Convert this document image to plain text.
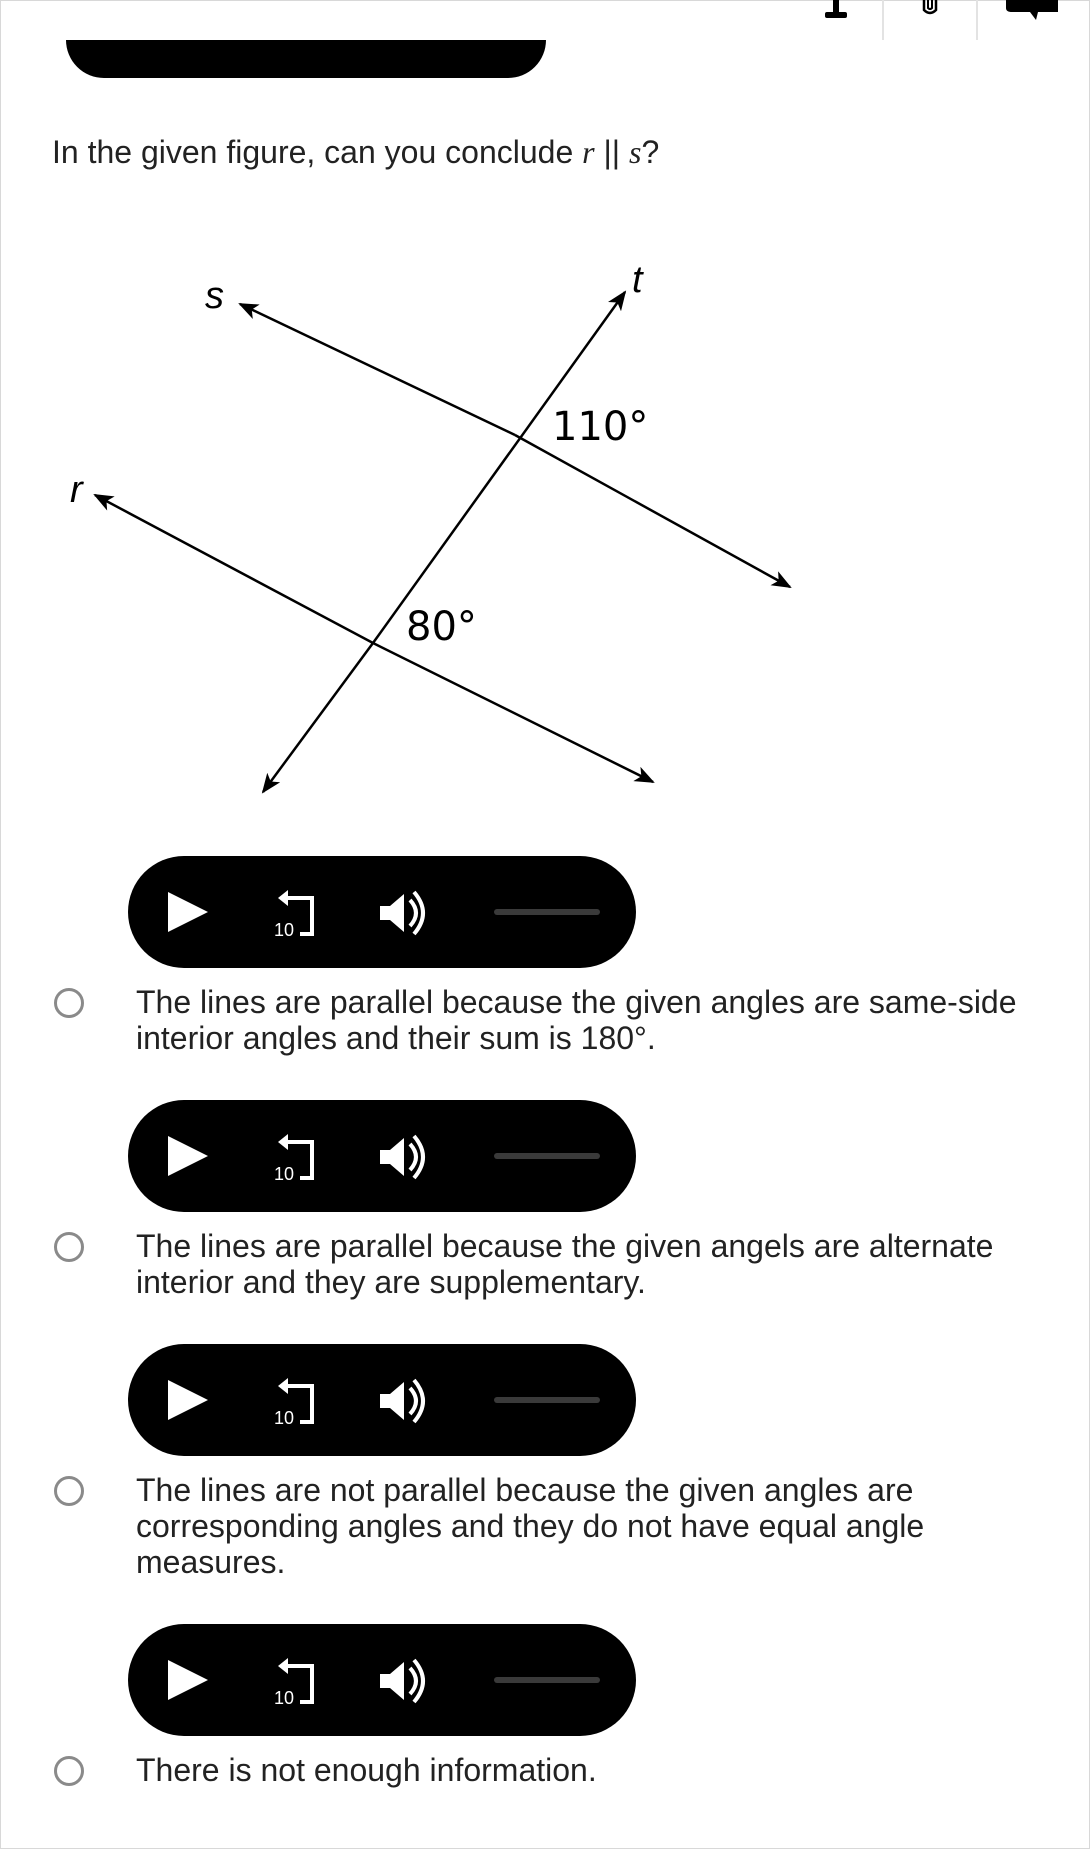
In the given figure, can you conclude r || s?
s	t
r
110°
80°
10
The lines are parallel because the given angles are same-side interior angles and their sum is 180°.
10
The lines are parallel because the given angels are alternate interior and they are supplementary.
10
The lines are not parallel because the given angles are corresponding angles and they do not have equal angle measures.
10
There is not enough information.
